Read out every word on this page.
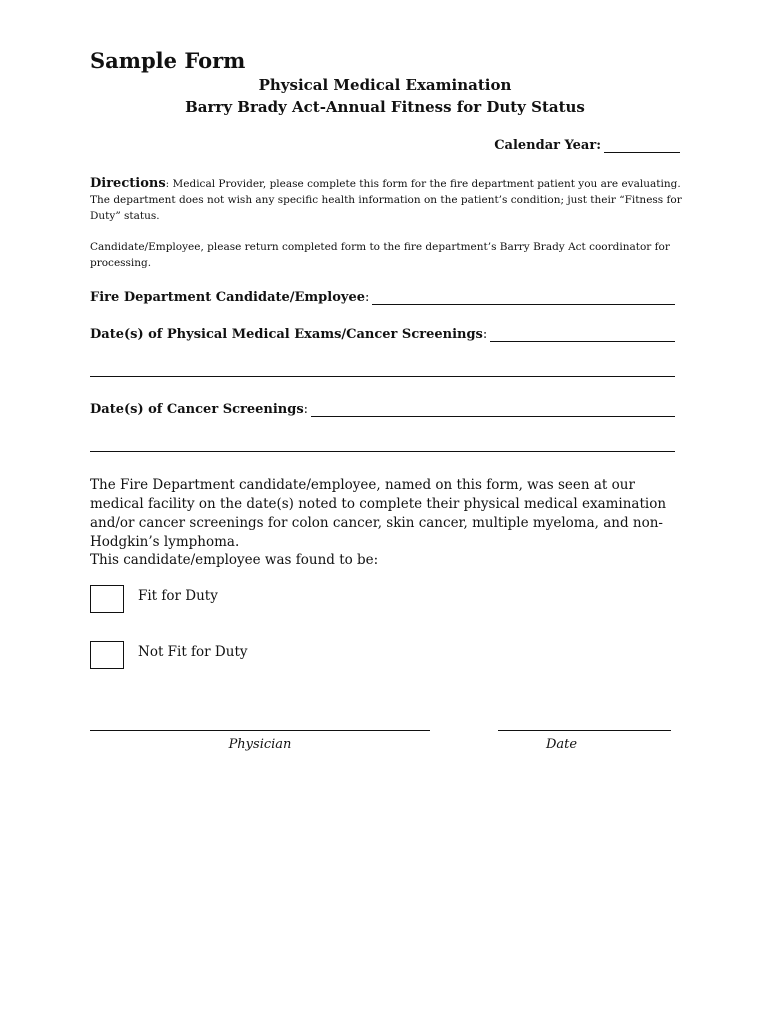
Sample Form
Physical Medical Examination
Barry Brady Act-Annual Fitness for Duty Status
Calendar Year:

Directions: Medical Provider, please complete this form for the fire department patient you are evaluating. The department does not wish any specific health information on the patient’s condition; just their “Fitness for Duty” status.

Candidate/Employee, please return completed form to the fire department’s Barry Brady Act coordinator for processing.

Fire Department Candidate/Employee :
Date(s) of Physical Medical Exams/Cancer Screenings :
Date(s) of Cancer Screenings :

The Fire Department candidate/employee, named on this form, was seen at our medical facility on the date(s) noted to complete their physical medical examination and/or cancer screenings for colon cancer, skin cancer, multiple myeloma, and non-Hodgkin’s lymphoma.

This candidate/employee was found to be:

Fit for Duty

Not Fit for Duty

Physician	Date
